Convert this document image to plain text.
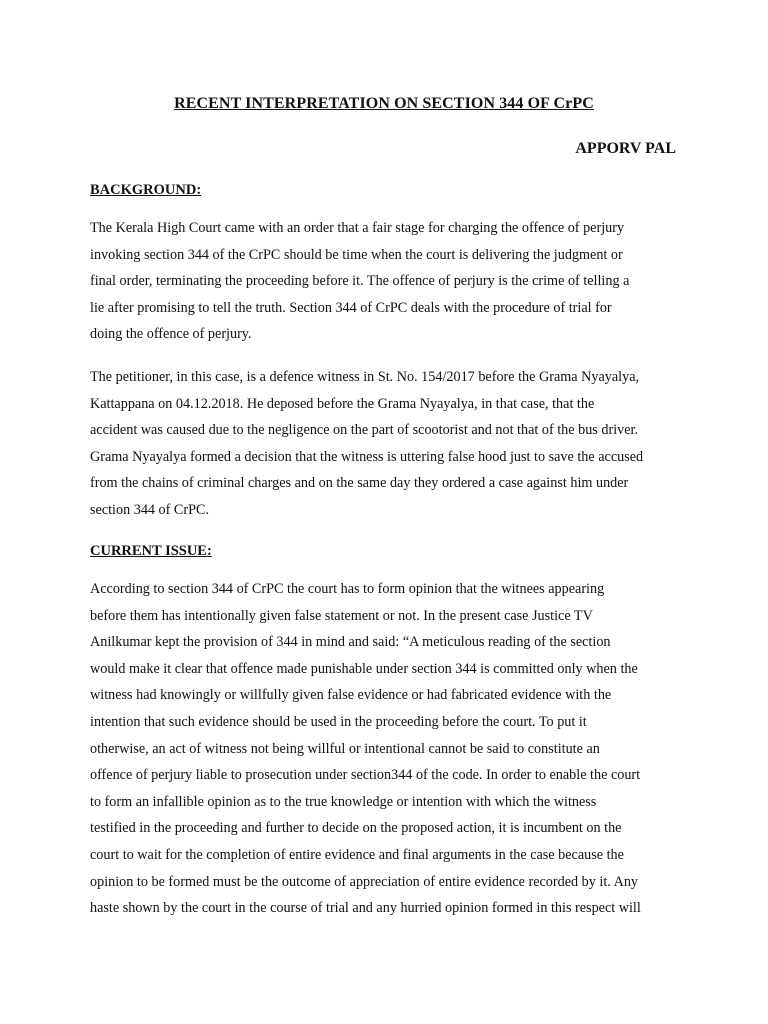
RECENT INTERPRETATION ON SECTION 344 OF CrPC
APPORV PAL
BACKGROUND:
The Kerala High Court came with an order that a fair stage for charging the offence of perjury
invoking section 344 of the CrPC should be time when the court is delivering the judgment or
final order, terminating the proceeding before it. The offence of perjury is the crime of telling a
lie after promising to tell the truth. Section 344 of CrPC deals with the procedure of trial for
doing the offence of perjury.
The petitioner, in this case, is a defence witness in St. No. 154/2017 before the Grama Nyayalya,
Kattappana on 04.12.2018. He deposed before the Grama Nyayalya, in that case, that the
accident was caused due to the negligence on the part of scootorist and not that of the bus driver.
Grama Nyayalya formed a decision that the witness is uttering false hood just to save the accused
from the chains of criminal charges and on the same day they ordered a case against him under
section 344 of CrPC.
CURRENT ISSUE:
According to section 344 of CrPC the court has to form opinion that the witnees appearing
before them has intentionally given false statement or not. In the present case Justice TV
Anilkumar kept the provision of 344 in mind and said: “A meticulous reading of the section
would make it clear that offence made punishable under section 344 is committed only when the
witness had knowingly or willfully given false evidence or had fabricated evidence with the
intention that such evidence should be used in the proceeding before the court. To put it
otherwise, an act of witness not being willful or intentional cannot be said to constitute an
offence of perjury liable to prosecution under section344 of the code. In order to enable the court
to form an infallible opinion as to the true knowledge or intention with which the witness
testified in the proceeding and further to decide on the proposed action, it is incumbent on the
court to wait for the completion of entire evidence and final arguments in the case because the
opinion to be formed must be the outcome of appreciation of entire evidence recorded by it. Any
haste shown by the court in the course of trial and any hurried opinion formed in this respect will
